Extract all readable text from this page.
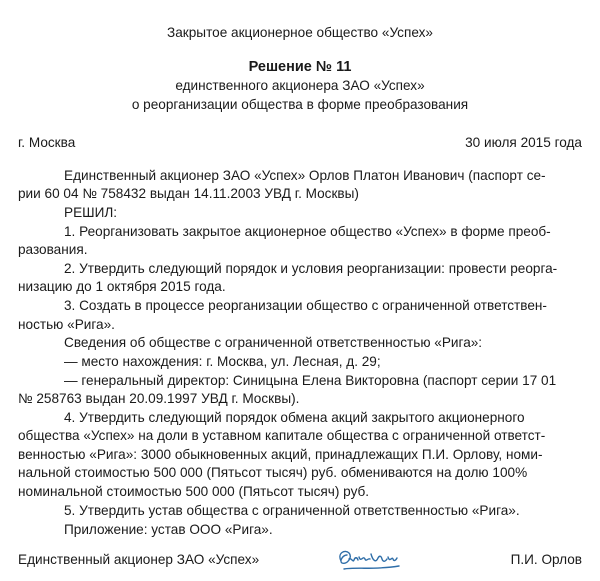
Закрытое акционерное общество «Успех»
Решение № 11
единственного акционера ЗАО «Успех»
о реорганизации общества в форме преобразования
г. Москва	30 июля 2015 года
Единственный акционер ЗАО «Успех» Орлов Платон Иванович (паспорт се-
рии 60 04 № 758432 выдан 14.11.2003 УВД г. Москвы)
РЕШИЛ:
1. Реорганизовать закрытое акционерное общество «Успех» в форме преоб-
разования.
2. Утвердить следующий порядок и условия реорганизации: провести реорга-
низацию до 1 октября 2015 года.
3. Создать в процессе реорганизации общество с ограниченной ответствен-
ностью «Рига».
Сведения об обществе с ограниченной ответственностью «Рига»:
— место нахождения: г. Москва, ул. Лесная, д. 29;
— генеральный директор: Синицына Елена Викторовна (паспорт серии 17 01
№ 258763 выдан 20.09.1997 УВД г. Москвы).
4. Утвердить следующий порядок обмена акций закрытого акционерного
общества «Успех» на доли в уставном капитале общества с ограниченной ответст-
венностью «Рига»: 3000 обыкновенных акций, принадлежащих П.И. Орлову, номи-
нальной стоимостью 500 000 (Пятьсот тысяч) руб. обмениваются на долю 100%
номинальной стоимостью 500 000 (Пятьсот тысяч) руб.
5. Утвердить устав общества с ограниченной ответственностью «Рига».
Приложение: устав ООО «Рига».
Единственный акционер ЗАО «Успех»	П.И. Орлов
